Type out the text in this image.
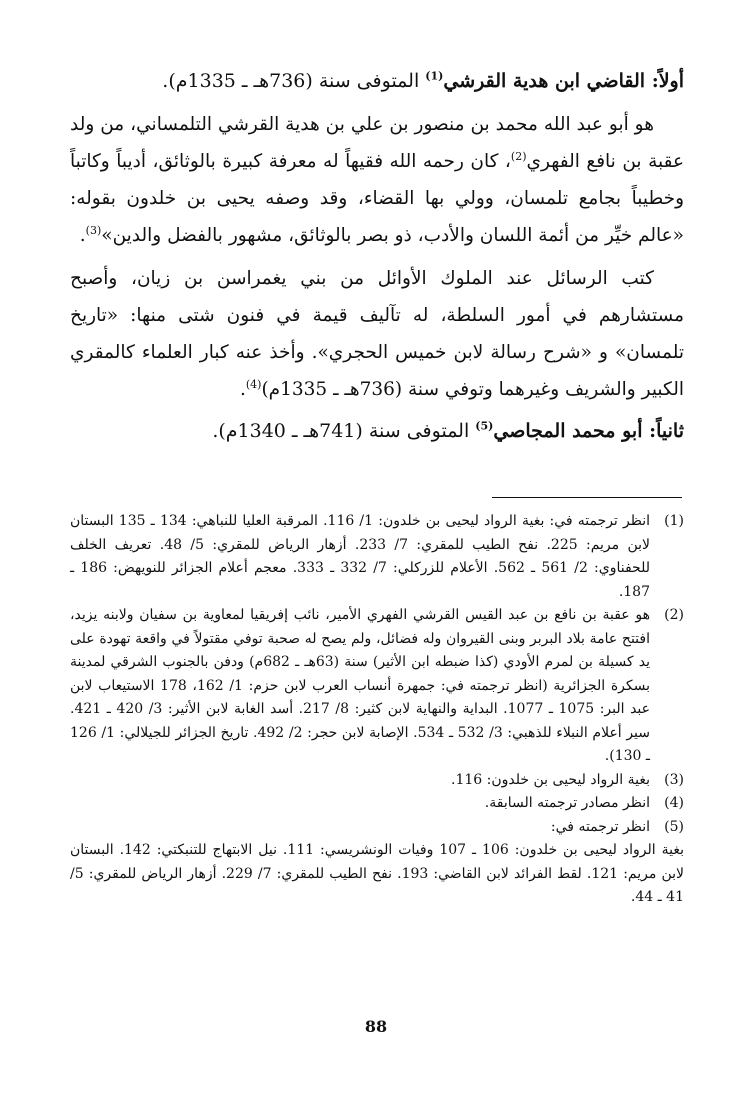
أولاً: القاضي ابن هدية القرشي$^{(1)}$ المتوفى سنة (736هـ ـ 1335م).

هو أبو عبد الله محمد بن منصور بن علي بن هدية القرشي التلمساني، من ولد عقبة بن نافع الفهري$^{(2)}$، كان رحمه الله فقيهاً له معرفة كبيرة بالوثائق، أديباً وكاتباً وخطيباً بجامع تلمسان، وولي بها القضاء، وقد وصفه يحيى بن خلدون بقوله: «عالم خيِّر من أئمة اللسان والأدب، ذو بصر بالوثائق، مشهور بالفضل والدين»$^{(3)}$.

كتب الرسائل عند الملوك الأوائل من بني يغمراسن بن زيان، وأصبح مستشارهم في أمور السلطة، له تآليف قيمة في فنون شتى منها: «تاريخ تلمسان» و «شرح رسالة لابن خميس الحجري». وأخذ عنه كبار العلماء كالمقري الكبير والشريف وغيرهما وتوفي سنة (736هـ ـ 1335م)$^{(4)}$.

ثانياً: أبو محمد المجاصي$^{(5)}$ المتوفى سنة (741هـ ـ 1340م).
(1)
انظر ترجمته في: بغية الرواد ليحيى بن خلدون: 1/ 116. المرقبة العليا للنباهي: 134 ـ 135 البستان لابن مريم: 225. نفح الطيب للمقري: 7/ 233. أزهار الرياض للمقري: 5/ 48. تعريف الخلف للحفناوي: 2/ 561 ـ 562. الأعلام للزركلي: 7/ 332 ـ 333. معجم أعلام الجزائر للنويهض: 186 ـ 187.
(2)
هو عقبة بن نافع بن عبد القيس القرشي الفهري الأمير، نائب إفريقيا لمعاوية بن سفيان ولابنه يزيد، افتتح عامة بلاد البربر وبنى القيروان وله فضائل، ولم يصح له صحبة توفي مقتولاً في واقعة تهودة على يد كسيلة بن لمرم الأودي (كذا ضبطه ابن الأثير) سنة (63هـ ـ 682م) ودفن بالجنوب الشرقي لمدينة بسكرة الجزائرية (انظر ترجمته في: جمهرة أنساب العرب لابن حزم: 1/ 162، 178 الاستيعاب لابن عبد البر: 1075 ـ 1077. البداية والنهاية لابن كثير: 8/ 217. أسد الغابة لابن الأثير: 3/ 420 ـ 421. سير أعلام النبلاء للذهبي: 3/ 532 ـ 534. الإصابة لابن حجر: 2/ 492. تاريخ الجزائر للجيلالي: 1/ 126 ـ 130).
(3)
بغية الرواد ليحيى بن خلدون: 116.
(4)
انظر مصادر ترجمته السابقة.
(5)
انظر ترجمته في:
بغية الرواد ليحيى بن خلدون: 106 ـ 107 وفيات الونشريسي: 111. نيل الابتهاج للتنبكتي: 142. البستان لابن مريم: 121. لقط الفرائد لابن القاضي: 193. نفح الطيب للمقري: 7/ 229. أزهار الرياض للمقري: 5/ 41 ـ 44.
88
